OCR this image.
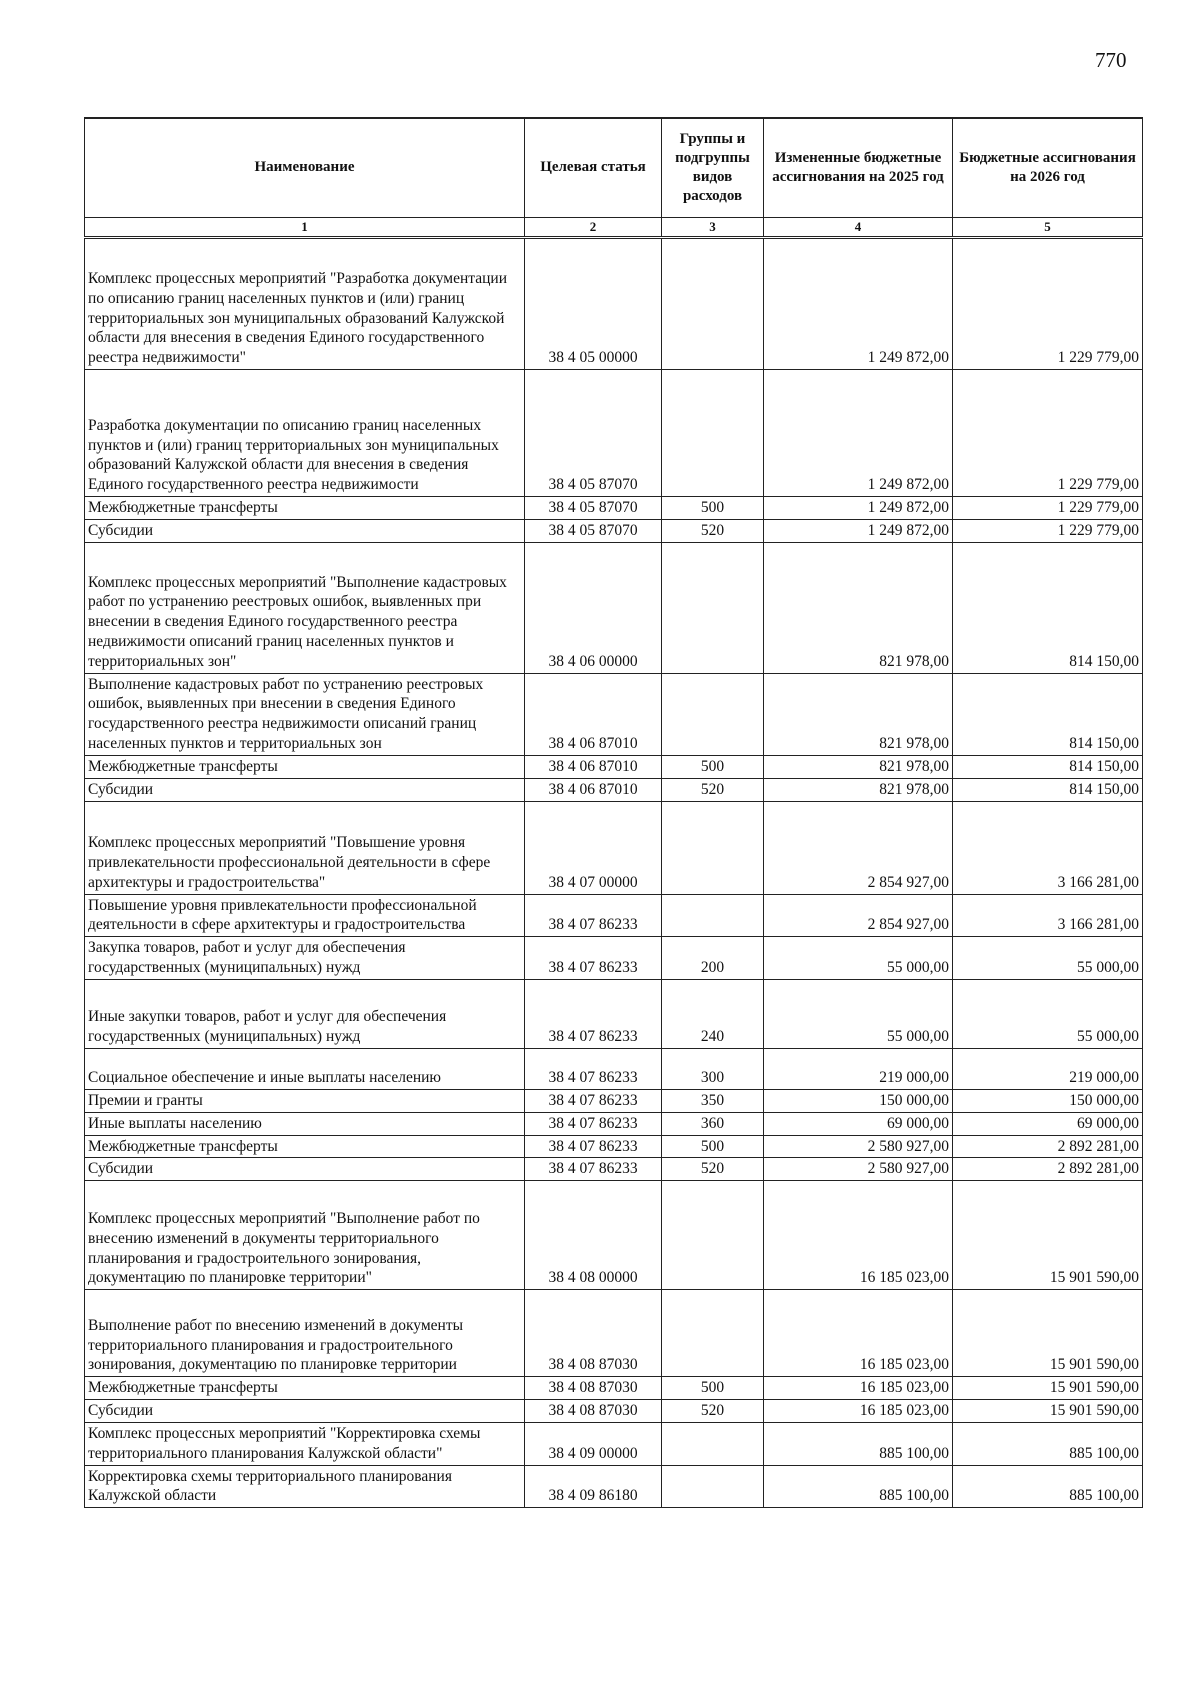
770
Наименование	Целевая статья	Группы и подгруппы видов расходов	Измененные бюджетные ассигнования на 2025 год	Бюджетные ассигнования на 2026 год
1	2	3	4	5
Комплекс процессных мероприятий "Разработка документации по описанию границ населенных пунктов и (или) границ территориальных зон муниципальных образований Калужской области для внесения в сведения Единого государственного реестра недвижимости"	38 4 05 00000		1 249 872,00	1 229 779,00
Разработка документации по описанию границ населенных пунктов и (или) границ территориальных зон муниципальных образований Калужской области для внесения в сведения Единого государственного реестра недвижимости	38 4 05 87070		1 249 872,00	1 229 779,00
Межбюджетные трансферты	38 4 05 87070	500	1 249 872,00	1 229 779,00
Субсидии	38 4 05 87070	520	1 249 872,00	1 229 779,00
Комплекс процессных мероприятий "Выполнение кадастровых работ по устранению реестровых ошибок, выявленных при внесении в сведения Единого государственного реестра недвижимости описаний границ населенных пунктов и территориальных зон"	38 4 06 00000		821 978,00	814 150,00
Выполнение кадастровых работ по устранению реестровых ошибок, выявленных при внесении в сведения Единого государственного реестра недвижимости описаний границ населенных пунктов и территориальных зон	38 4 06 87010		821 978,00	814 150,00
Межбюджетные трансферты	38 4 06 87010	500	821 978,00	814 150,00
Субсидии	38 4 06 87010	520	821 978,00	814 150,00
Комплекс процессных мероприятий "Повышение уровня привлекательности профессиональной деятельности в сфере архитектуры и градостроительства"	38 4 07 00000		2 854 927,00	3 166 281,00
Повышение уровня привлекательности профессиональной деятельности в сфере архитектуры и градостроительства	38 4 07 86233		2 854 927,00	3 166 281,00
Закупка товаров, работ и услуг для обеспечения государственных (муниципальных) нужд	38 4 07 86233	200	55 000,00	55 000,00
Иные закупки товаров, работ и услуг для обеспечения государственных (муниципальных) нужд	38 4 07 86233	240	55 000,00	55 000,00
Социальное обеспечение и иные выплаты населению	38 4 07 86233	300	219 000,00	219 000,00
Премии и гранты	38 4 07 86233	350	150 000,00	150 000,00
Иные выплаты населению	38 4 07 86233	360	69 000,00	69 000,00
Межбюджетные трансферты	38 4 07 86233	500	2 580 927,00	2 892 281,00
Субсидии	38 4 07 86233	520	2 580 927,00	2 892 281,00
Комплекс процессных мероприятий "Выполнение работ по внесению изменений в документы территориального планирования и градостроительного зонирования, документацию по планировке территории"	38 4 08 00000		16 185 023,00	15 901 590,00
Выполнение работ по внесению изменений в документы территориального планирования и градостроительного зонирования, документацию по планировке территории	38 4 08 87030		16 185 023,00	15 901 590,00
Межбюджетные трансферты	38 4 08 87030	500	16 185 023,00	15 901 590,00
Субсидии	38 4 08 87030	520	16 185 023,00	15 901 590,00
Комплекс процессных мероприятий "Корректировка схемы территориального планирования Калужской области"	38 4 09 00000		885 100,00	885 100,00
Корректировка схемы территориального планирования Калужской области	38 4 09 86180		885 100,00	885 100,00
